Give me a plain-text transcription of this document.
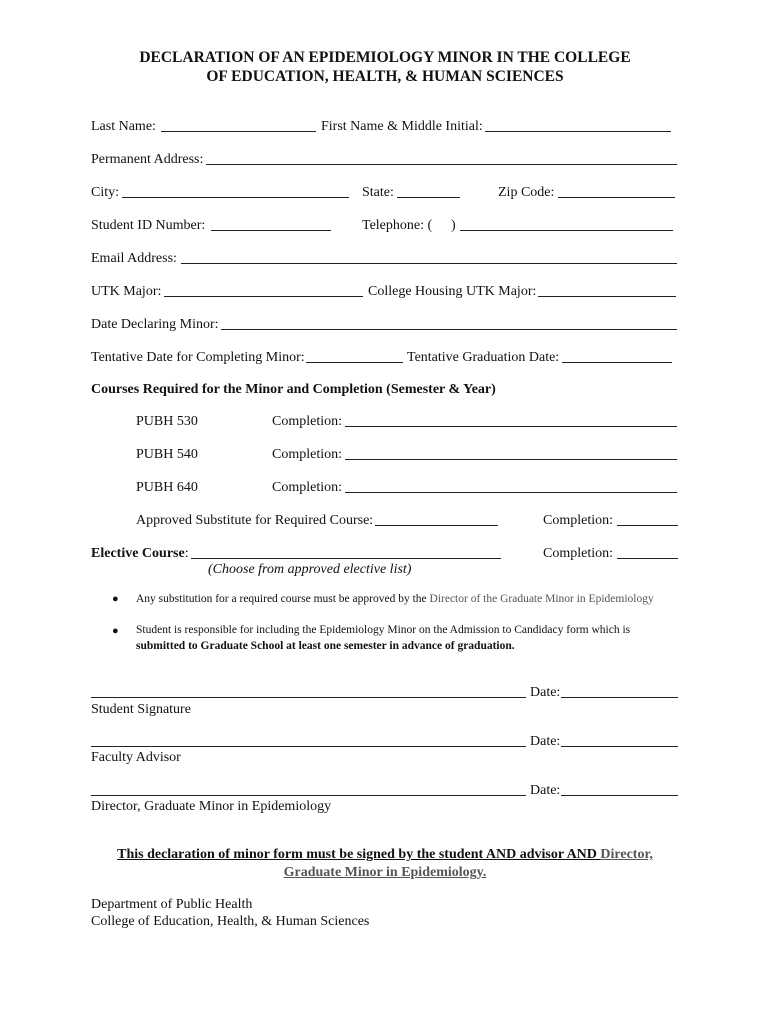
DECLARATION OF AN EPIDEMIOLOGY MINOR IN THE COLLEGE
OF EDUCATION, HEALTH, & HUMAN SCIENCES
Last Name:	First Name & Middle Initial:
Permanent Address:
City:	State:	Zip Code:
Student ID Number:	Telephone: ( )
Email Address:
UTK Major:	College Housing UTK Major:
Date Declaring Minor:
Tentative Date for Completing Minor:	Tentative Graduation Date:
Courses Required for the Minor and Completion (Semester & Year)
PUBH 530	Completion:
PUBH 540	Completion:
PUBH 640	Completion:
Approved Substitute for Required Course:	Completion:
Elective Course:	Completion:
(Choose from approved elective list)
● Any substitution for a required course must be approved by the Director of the Graduate Minor in Epidemiology
● Student is responsible for including the Epidemiology Minor on the Admission to Candidacy form which is submitted to Graduate School at least one semester in advance of graduation.
Date:
Student Signature
Date:
Faculty Advisor
Date:
Director, Graduate Minor in Epidemiology
This declaration of minor form must be signed by the student AND advisor AND Director,
Graduate Minor in Epidemiology.
Department of Public Health
College of Education, Health, & Human Sciences
